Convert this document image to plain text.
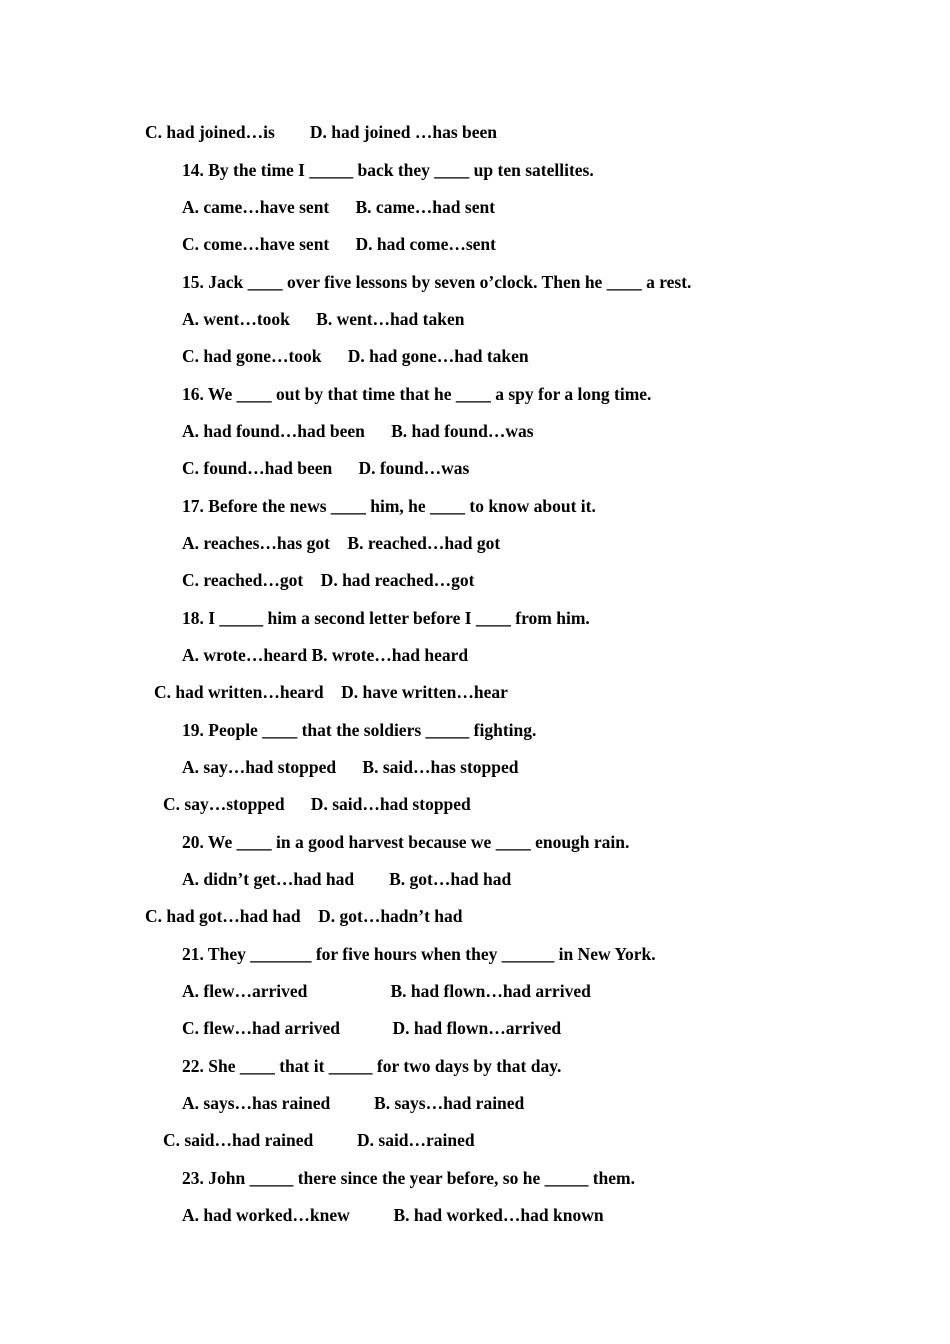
C. had joined…is        D. had joined …has been
14. By the time I _____ back they ____ up ten satellites.
A. came…have sent      B. came…had sent
C. come…have sent      D. had come…sent
15. Jack ____ over five lessons by seven o’clock. Then he ____ a rest.
A. went…took      B. went…had taken
C. had gone…took      D. had gone…had taken
16. We ____ out by that time that he ____ a spy for a long time.
A. had found…had been      B. had found…was
C. found…had been      D. found…was
17. Before the news ____ him, he ____ to know about it.
A. reaches…has got    B. reached…had got
C. reached…got    D. had reached…got
18. I _____ him a second letter before I ____ from him.
A. wrote…heard B. wrote…had heard
C. had written…heard    D. have written…hear
19. People ____ that the soldiers _____ fighting.
A. say…had stopped      B. said…has stopped
C. say…stopped      D. said…had stopped
20. We ____ in a good harvest because we ____ enough rain.
A. didn’t get…had had        B. got…had had
C. had got…had had    D. got…hadn’t had
21. They _______ for five hours when they ______ in New York.
A. flew…arrived                   B. had flown…had arrived
C. flew…had arrived            D. had flown…arrived
22. She ____ that it _____ for two days by that day.
A. says…has rained          B. says…had rained
C. said…had rained          D. said…rained
23. John _____ there since the year before, so he _____ them.
A. had worked…knew          B. had worked…had known
